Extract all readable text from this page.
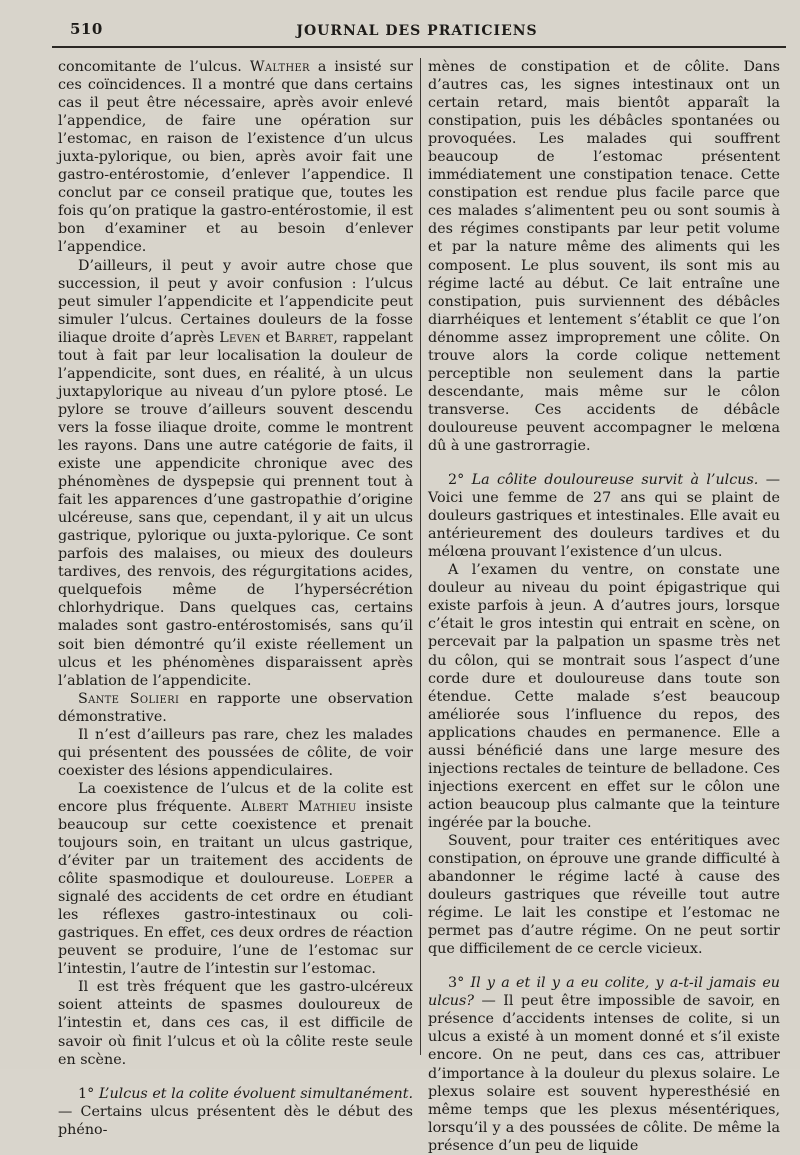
510	JOURNAL DES PRATICIENS

concomitante de l’ulcus. Walther a insisté sur ces coïncidences. Il a montré que dans certains cas il peut être nécessaire, après avoir enlevé l’appendice, de faire une opération sur l’estomac, en raison de l’existence d’un ulcus juxta-pylorique, ou bien, après avoir fait une gastro-entérostomie, d’enlever l’appendice. Il conclut par ce conseil pratique que, toutes les fois qu’on pratique la gastro-entérostomie, il est bon d’examiner et au besoin d’enlever l’appendice.

D’ailleurs, il peut y avoir autre chose que succession, il peut y avoir confusion : l’ulcus peut simuler l’appendicite et l’appendicite peut simuler l’ulcus. Certaines douleurs de la fosse iliaque droite d’après Leven et Barret, rappelant tout à fait par leur localisation la douleur de l’appendicite, sont dues, en réalité, à un ulcus juxtapylorique au niveau d’un pylore ptosé. Le pylore se trouve d’ailleurs souvent descendu vers la fosse iliaque droite, comme le montrent les rayons. Dans une autre catégorie de faits, il existe une appendicite chronique avec des phénomènes de dyspepsie qui prennent tout à fait les apparences d’une gastropathie d’origine ulcéreuse, sans que, cependant, il y ait un ulcus gastrique, pylorique ou juxta-pylorique. Ce sont parfois des malaises, ou mieux des douleurs tardives, des renvois, des régurgitations acides, quelquefois même de l’hypersécrétion chlorhydrique. Dans quelques cas, certains malades sont gastro-entérostomisés, sans qu’il soit bien démontré qu’il existe réellement un ulcus et les phénomènes disparaissent après l’ablation de l’appendicite.

Sante Solieri en rapporte une observation démonstrative.

Il n’est d’ailleurs pas rare, chez les malades qui présentent des poussées de côlite, de voir coexister des lésions appendiculaires.

La coexistence de l’ulcus et de la colite est encore plus fréquente. Albert Mathieu insiste beaucoup sur cette coexistence et prenait toujours soin, en traitant un ulcus gastrique, d’éviter par un traitement des accidents de côlite spasmodique et douloureuse. Loeper a signalé des accidents de cet ordre en étudiant les réflexes gastro-intestinaux ou coli-gastriques. En effet, ces deux ordres de réaction peuvent se produire, l’une de l’estomac sur l’intestin, l’autre de l’intestin sur l’estomac.

Il est très fréquent que les gastro-ulcéreux soient atteints de spasmes douloureux de l’intestin et, dans ces cas, il est difficile de savoir où finit l’ulcus et où la côlite reste seule en scène.

1° L’ulcus et la colite évoluent simultanément. — Certains ulcus présentent dès le début des phéno-

mènes de constipation et de côlite. Dans d’autres cas, les signes intestinaux ont un certain retard, mais bientôt apparaît la constipation, puis les débâcles spontanées ou provoquées. Les malades qui souffrent beaucoup de l’estomac présentent immédiatement une constipation tenace. Cette constipation est rendue plus facile parce que ces malades s’alimentent peu ou sont soumis à des régimes constipants par leur petit volume et par la nature même des aliments qui les composent. Le plus souvent, ils sont mis au régime lacté au début. Ce lait entraîne une constipation, puis surviennent des débâcles diarrhéiques et lentement s’établit ce que l’on dénomme assez improprement une côlite. On trouve alors la corde colique nettement perceptible non seulement dans la partie descendante, mais même sur le côlon transverse. Ces accidents de débâcle douloureuse peuvent accompagner le melœna dû à une gastrorragie.

2° La côlite douloureuse survit à l’ulcus. — Voici une femme de 27 ans qui se plaint de douleurs gastriques et intestinales. Elle avait eu antérieurement des douleurs tardives et du mélœna prouvant l’existence d’un ulcus.

A l’examen du ventre, on constate une douleur au niveau du point épigastrique qui existe parfois à jeun. A d’autres jours, lorsque c’était le gros intestin qui entrait en scène, on percevait par la palpation un spasme très net du côlon, qui se montrait sous l’aspect d’une corde dure et douloureuse dans toute son étendue. Cette malade s’est beaucoup améliorée sous l’influence du repos, des applications chaudes en permanence. Elle a aussi bénéficié dans une large mesure des injections rectales de teinture de belladone. Ces injections exercent en effet sur le côlon une action beaucoup plus calmante que la teinture ingérée par la bouche.

Souvent, pour traiter ces entéritiques avec constipation, on éprouve une grande difficulté à abandonner le régime lacté à cause des douleurs gastriques que réveille tout autre régime. Le lait les constipe et l’estomac ne permet pas d’autre régime. On ne peut sortir que difficilement de ce cercle vicieux.

3° Il y a et il y a eu colite, y a-t-il jamais eu ulcus? — Il peut être impossible de savoir, en présence d’accidents intenses de colite, si un ulcus a existé à un moment donné et s’il existe encore. On ne peut, dans ces cas, attribuer d’importance à la douleur du plexus solaire. Le plexus solaire est souvent hyperesthésié en même temps que les plexus mésentériques, lorsqu’il y a des poussées de côlite. De même la présence d’un peu de liquide
